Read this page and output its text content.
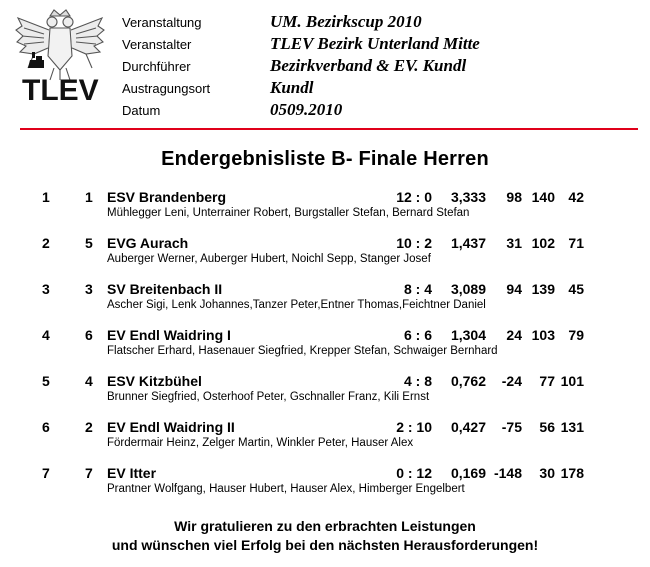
TLEV
Veranstaltung	UM. Bezirkscup 2010
Veranstalter	TLEV Bezirk Unterland Mitte
Durchführer	Bezirkverband & EV. Kundl
Austragungsort	Kundl
Datum	0509.2010
Endergebnisliste B- Finale Herren
1	1 ESV Brandenberg	12 : 0	3,333	98 140 42
Mühlegger Leni, Unterrainer Robert, Burgstaller Stefan, Bernard Stefan
2	5 EVG Aurach	10 : 2	1,437	31 102 71
Auberger Werner, Auberger Hubert, Noichl Sepp, Stanger Josef
3	3 SV Breitenbach II	8 : 4	3,089	94 139 45
Ascher Sigi, Lenk Johannes,Tanzer Peter,Entner Thomas,Feichtner Daniel
4	6 EV Endl Waidring I	6 : 6	1,304	24 103 79
Flatscher Erhard, Hasenauer Siegfried, Krepper Stefan, Schwaiger Bernhard
5	4 ESV Kitzbühel	4 : 8	0,762	-24	77 101
Brunner Siegfried, Osterhoof Peter, Gschnaller Franz, Kili Ernst
6	2 EV Endl Waidring II	2 : 10	0,427	-75	56 131
Fördermair Heinz, Zelger Martin, Winkler Peter, Hauser Alex
7	7 EV Itter	0 : 12	0,169 -148	30 178
Prantner Wolfgang, Hauser Hubert, Hauser Alex, Himberger Engelbert
Wir gratulieren zu den erbrachten Leistungen
und wünschen viel Erfolg bei den nächsten Herausforderungen!
